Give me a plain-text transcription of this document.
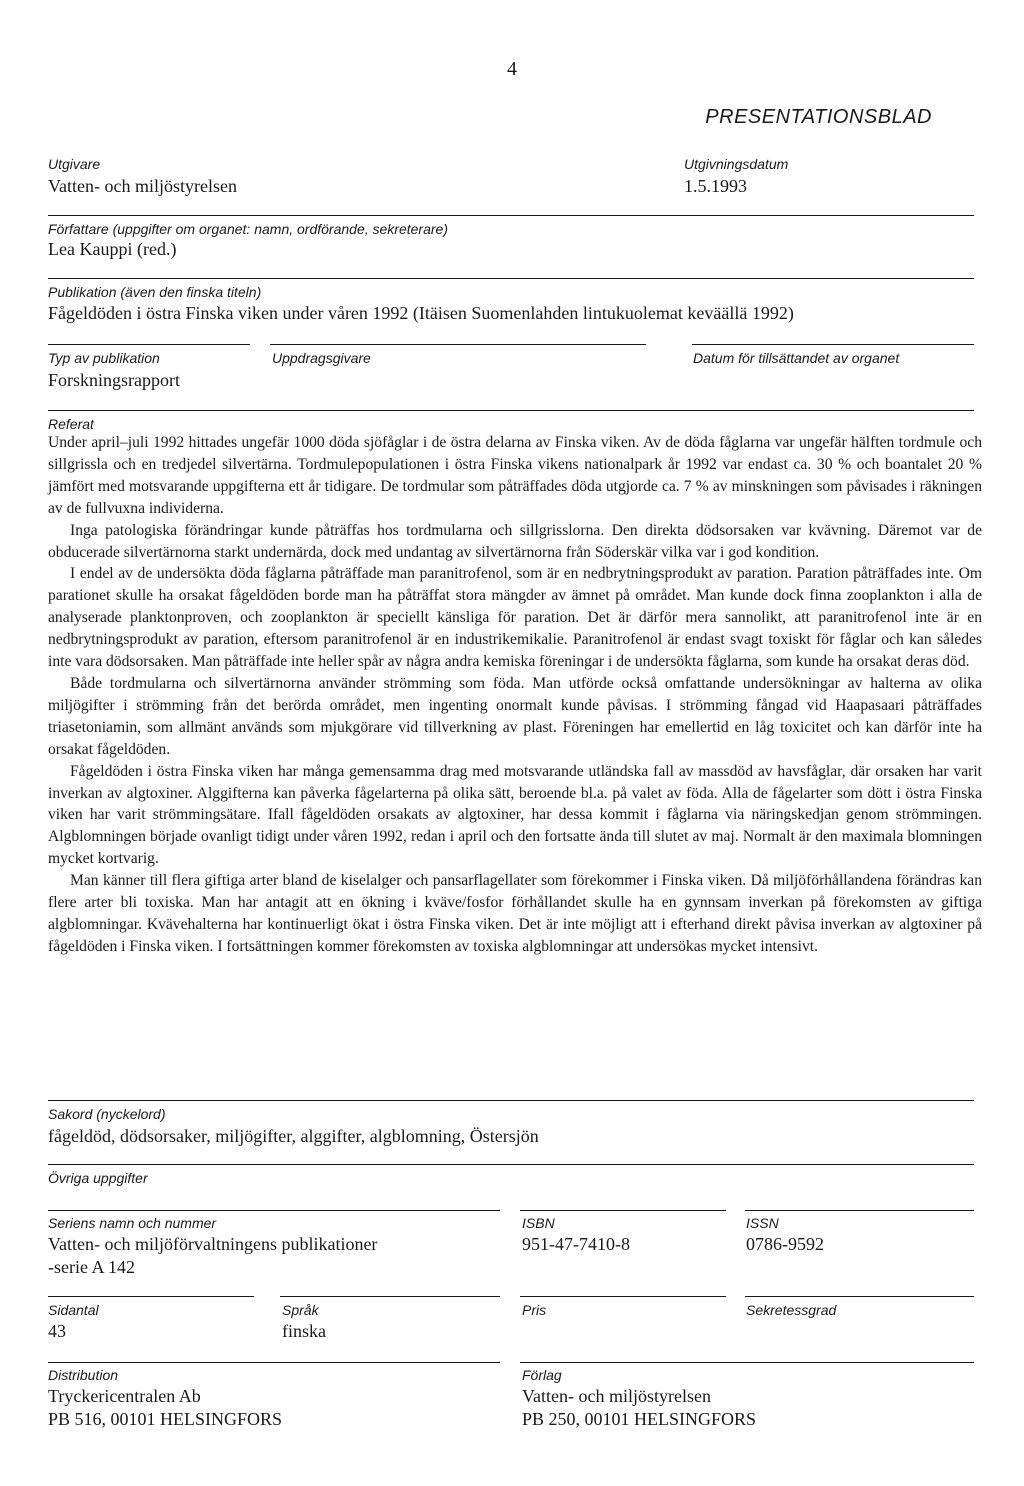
4
PRESENTATIONSBLAD
Utgivare
Vatten- och miljöstyrelsen
Utgivningsdatum
1.5.1993
Författare (uppgifter om organet: namn, ordförande, sekreterare)
Lea Kauppi (red.)
Publikation (även den finska titeln)
Fågeldöden i östra Finska viken under våren 1992 (Itäisen Suomenlahden lintukuolemat keväällä 1992)
Typ av publikation
Forskningsrapport
Uppdragsgivare	Datum för tillsättandet av organet
Referat

Under april–juli 1992 hittades ungefär 1000 döda sjöfåglar i de östra delarna av Finska viken. Av de döda fåglarna var ungefär hälften tordmule och sillgrissla och en tredjedel silvertärna. Tordmulepopulationen i östra Finska vikens nationalpark år 1992 var endast ca. 30 % och boantalet 20 % jämfört med motsvarande uppgifterna ett år tidigare. De tordmular som påträffades döda utgjorde ca. 7 % av minskningen som påvisades i räkningen av de fullvuxna individerna.

Inga patologiska förändringar kunde påträffas hos tordmularna och sillgrisslorna. Den direkta dödsorsaken var kvävning. Däremot var de obducerade silvertärnorna starkt undernärda, dock med undantag av silvertärnorna från Söderskär vilka var i god kondition.

I endel av de undersökta döda fåglarna påträffade man paranitrofenol, som är en nedbrytningsprodukt av paration. Paration påträffades inte. Om parationet skulle ha orsakat fågeldöden borde man ha påträffat stora mängder av ämnet på området. Man kunde dock finna zooplankton i alla de analyserade planktonproven, och zooplankton är speciellt känsliga för paration. Det är därför mera sannolikt, att paranitrofenol inte är en nedbrytningsprodukt av paration, eftersom paranitrofenol är en industrikemikalie. Paranitrofenol är endast svagt toxiskt för fåglar och kan således inte vara dödsorsaken. Man påträffade inte heller spår av några andra kemiska föreningar i de undersökta fåglarna, som kunde ha orsakat deras död.

Både tordmularna och silvertärnorna använder strömming som föda. Man utförde också omfattande undersökningar av halterna av olika miljögifter i strömming från det berörda området, men ingenting onormalt kunde påvisas. I strömming fångad vid Haapasaari påträffades triasetoniamin, som allmänt används som mjukgörare vid tillverkning av plast. Föreningen har emellertid en låg toxicitet och kan därför inte ha orsakat fågeldöden.

Fågeldöden i östra Finska viken har många gemensamma drag med motsvarande utländska fall av massdöd av havsfåglar, där orsaken har varit inverkan av algtoxiner. Alggifterna kan påverka fågelarterna på olika sätt, beroende bl.a. på valet av föda. Alla de fågelarter som dött i östra Finska viken har varit strömmingsätare. Ifall fågeldöden orsakats av algtoxiner, har dessa kommit i fåglarna via näringskedjan genom strömmingen. Algblomningen började ovanligt tidigt under våren 1992, redan i april och den fortsatte ända till slutet av maj. Normalt är den maximala blomningen mycket kortvarig.

Man känner till flera giftiga arter bland de kiselalger och pansarflagellater som förekommer i Finska viken. Då miljöförhållandena förändras kan flere arter bli toxiska. Man har antagit att en ökning i kväve/fosfor förhållandet skulle ha en gynnsam inverkan på förekomsten av giftiga algblomningar. Kvävehalterna har kontinuerligt ökat i östra Finska viken. Det är inte möjligt att i efterhand direkt påvisa inverkan av algtoxiner på fågeldöden i Finska viken. I fortsättningen kommer förekomsten av toxiska algblomningar att undersökas mycket intensivt.

Sakord (nyckelord)
fågeldöd, dödsorsaker, miljögifter, alggifter, algblomning, Östersjön
Övriga uppgifter
Seriens namn och nummer
Vatten- och miljöförvaltningens publikationer
-serie A 142
ISBN
951-47-7410-8
ISSN
0786-9592
Sidantal
43
Språk
finska
Pris	Sekretessgrad
Distribution
Tryckericentralen Ab
PB 516, 00101 HELSINGFORS
Förlag
Vatten- och miljöstyrelsen
PB 250, 00101 HELSINGFORS
